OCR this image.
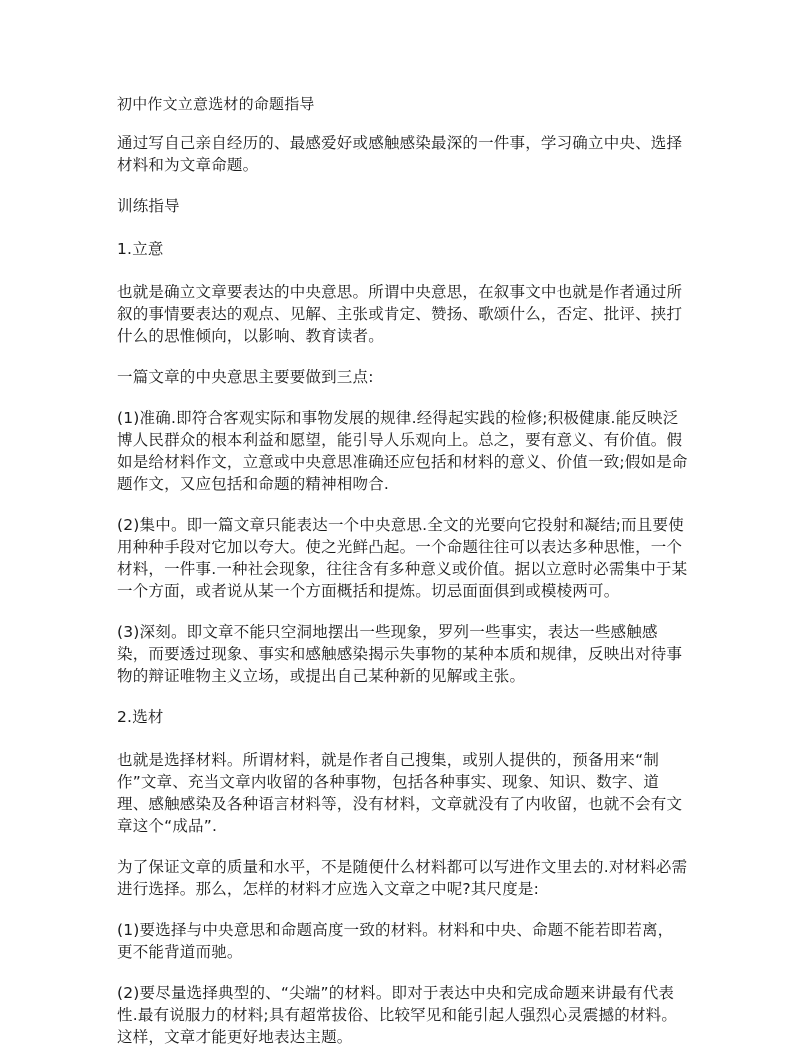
初中作文立意选材的命题指导
通过写自己亲自经历的、最感爱好或感触感染最深的一件事，学习确立中央、选择材料和为文章命题。
训练指导
1.立意
也就是确立文章要表达的中央意思。所谓中央意思，在叙事文中也就是作者通过所叙的事情要表达的观点、见解、主张或肯定、赞扬、歌颂什么，否定、批评、挟打什么的思惟倾向，以影响、教育读者。
一篇文章的中央意思主要要做到三点:
(1)准确.即符合客观实际和事物发展的规律.经得起实践的检修;积极健康.能反映泛博人民群众的根本利益和愿望，能引导人乐观向上。总之，要有意义、有价值。假如是给材料作文，立意或中央意思准确还应包括和材料的意义、价值一致;假如是命题作文，又应包括和命题的精神相吻合.
(2)集中。即一篇文章只能表达一个中央意思.全文的光要向它投射和凝结;而且要使用种种手段对它加以夸大。使之光鲜凸起。一个命题往往可以表达多种思惟，一个材料，一件事.一种社会现象，往往含有多种意义或价值。据以立意时必需集中于某一个方面，或者说从某一个方面概括和提炼。切忌面面俱到或模棱两可。
(3)深刻。即文章不能只空洞地摆出一些现象，罗列一些事实，表达一些感触感染，而要透过现象、事实和感触感染揭示失事物的某种本质和规律，反映出对待事物的辩证唯物主义立场，或提出自己某种新的见解或主张。
2.选材
也就是选择材料。所谓材料，就是作者自己搜集，或别人提供的，预备用来“制作”文章、充当文章内收留的各种事物，包括各种事实、现象、知识、数字、道理、感触感染及各种语言材料等，没有材料，文章就没有了内收留，也就不会有文章这个“成品”.
为了保证文章的质量和水平，不是随便什么材料都可以写进作文里去的.对材料必需进行选择。那么，怎样的材料才应选入文章之中呢?其尺度是:
(1)要选择与中央意思和命题高度一致的材料。材料和中央、命题不能若即若离，更不能背道而驰。
(2)要尽量选择典型的、“尖端”的材料。即对于表达中央和完成命题来讲最有代表性.最有说服力的材料;具有超常拔俗、比较罕见和能引起人强烈心灵震撼的材料。这样，文章才能更好地表达主题。
